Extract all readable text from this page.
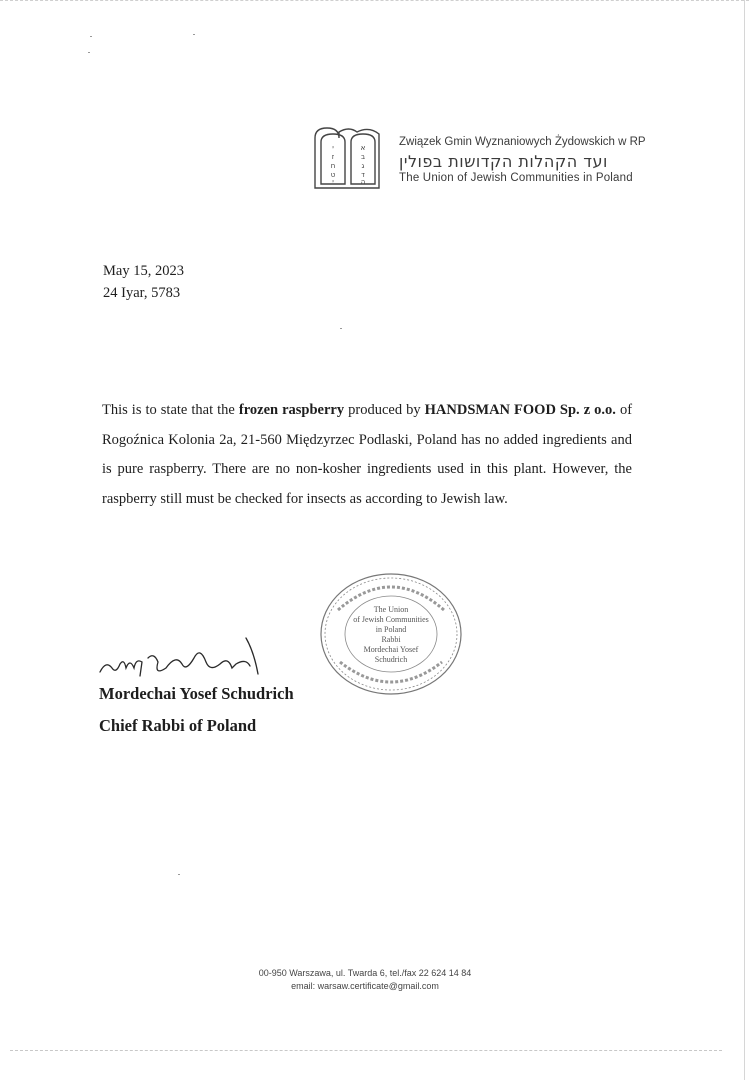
י
ז
ח
ט
י
א
ב
ג
ד
ה
Związek Gmin Wyznaniowych Żydowskich w RP
ועד הקהלות הקדושות בפולין
The Union of Jewish Communities in Poland
May 15, 2023
24 Iyar, 5783
This is to state that the frozen raspberry produced by HANDSMAN FOOD Sp. z o.o. of Rogoźnica Kolonia 2a, 21-560 Międzyrzec Podlaski, Poland has no added ingredients and is pure raspberry. There are no non-kosher ingredients used in this plant. However, the raspberry still must be checked for insects as according to Jewish law.
Mordechai Yosef Schudrich
Chief Rabbi of Poland
The Union
of Jewish Communities
in Poland
Rabbi
Mordechai Yosef
Schudrich
00-950 Warszawa, ul. Twarda 6, tel./fax 22 624 14 84
email: warsaw.certificate@gmail.com
